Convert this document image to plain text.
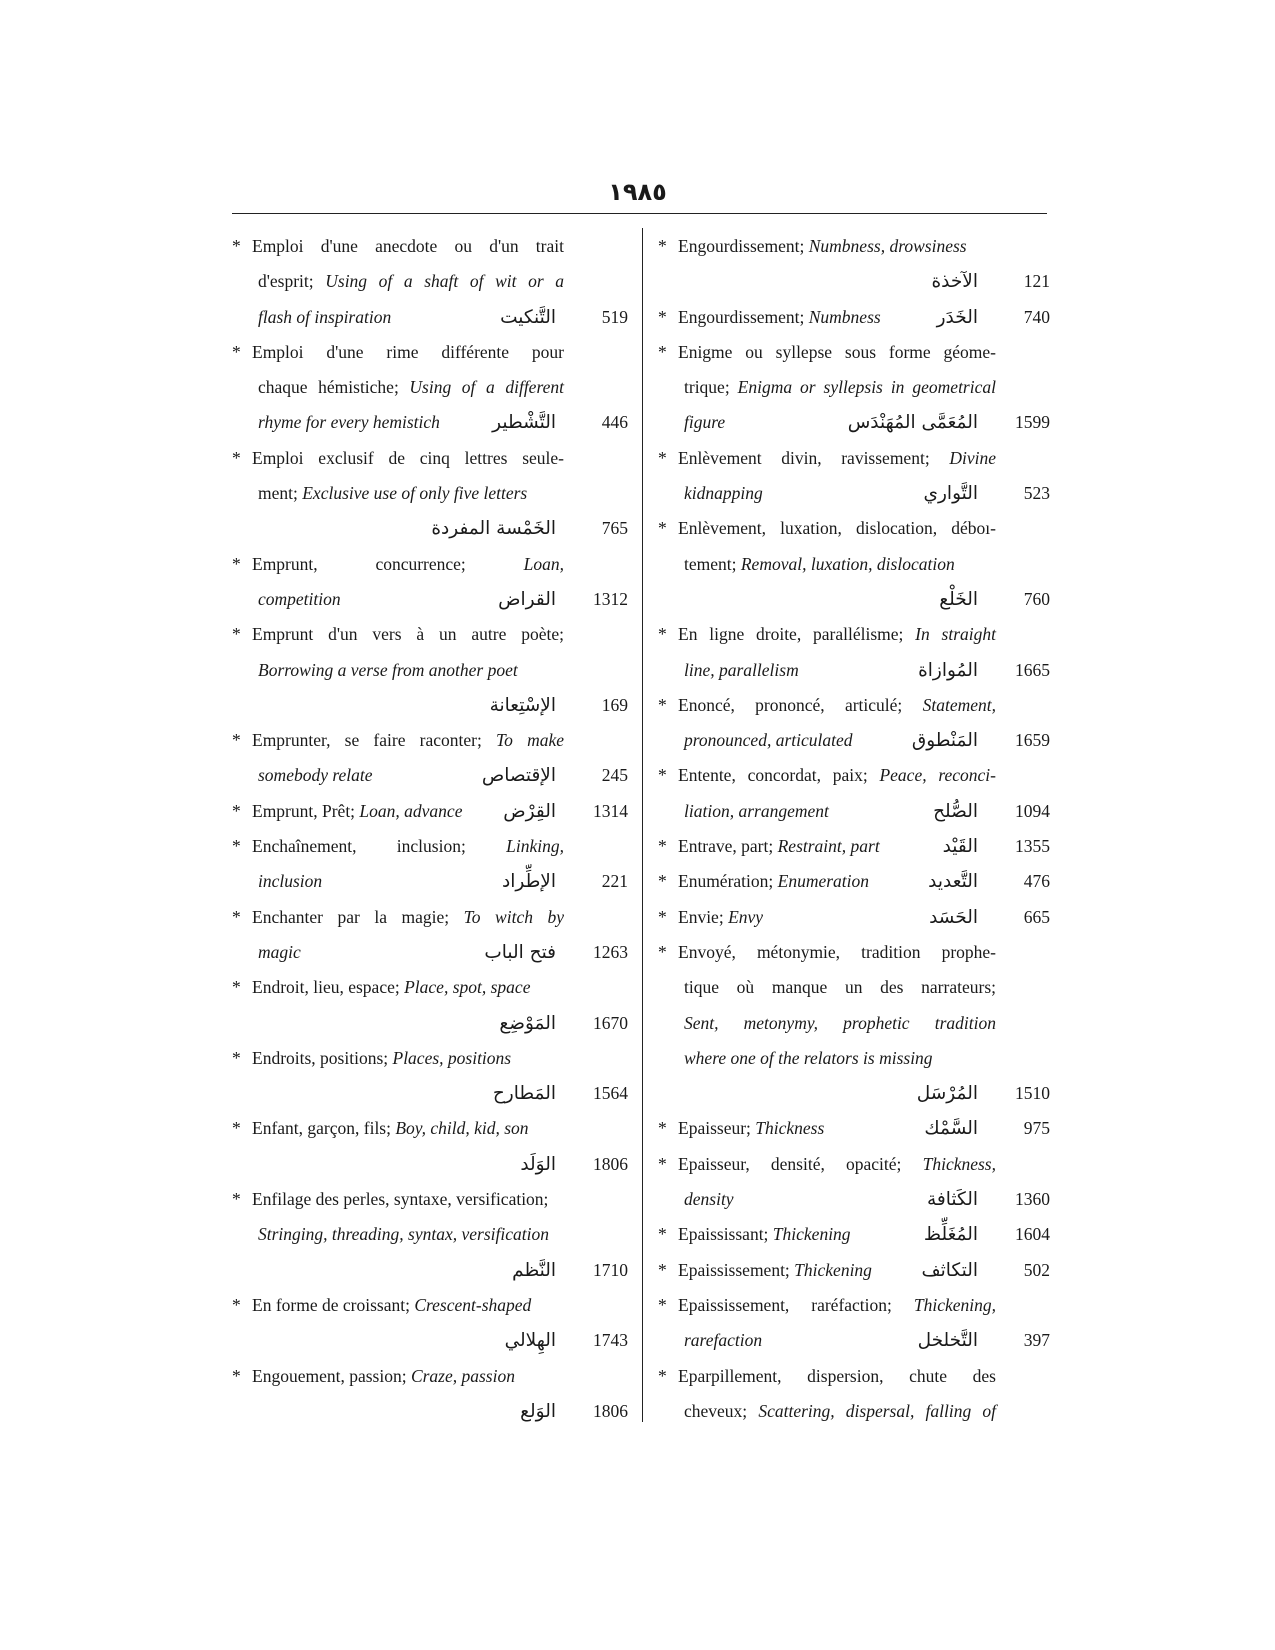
١٩٨٥
* Emploi d'une anecdote ou d'un trait
d'esprit; Using of a shaft of wit or a
flash of inspiration	التَّنكيت	519
* Emploi d'une rime différente pour
chaque hémistiche; Using of a different
rhyme for every hemistich	التَّشْطير	446
* Emploi exclusif de cinq lettres seule-
ment; Exclusive use of only five letters
الخَمْسة المفردة	765
* Emprunt, concurrence; Loan,
competition	القراض	1312
* Emprunt d'un vers à un autre poète;
Borrowing a verse from another poet
الإسْتِعانة	169
* Emprunter, se faire raconter; To make
somebody relate	الإقتصاص	245
* Emprunt, Prêt; Loan, advance القِرْض	1314
* Enchaînement, inclusion; Linking,
inclusion	الإطِّراد	221
* Enchanter par la magie; To witch by
magic	فتح الباب	1263
* Endroit, lieu, espace; Place, spot, space
المَوْضِع	1670
* Endroits, positions; Places, positions
المَطارح	1564
* Enfant, garçon, fils; Boy, child, kid, son
الوَلَد	1806
* Enfilage des perles, syntaxe, versification;
Stringing, threading, syntax, versification
النَّظم	1710
* En forme de croissant; Crescent-shaped
الهِلالي	1743
* Engouement, passion; Craze, passion
الوَلع	1806
* Engourdissement; Numbness, drowsiness
الآخذة	121
* Engourdissement; Numbness	الخَدَر	740
* Enigme ou syllepse sous forme géome-
trique; Enigma or syllepsis in geometrical
figure	المُعَمَّى المُهَنْدَس	1599
* Enlèvement divin, ravissement; Divine
kidnapping	التَّواري	523
* Enlèvement, luxation, dislocation, déboı-
tement; Removal, luxation, dislocation
الخَلْع	760
* En ligne droite, parallélisme; In straight
line, parallelism	المُوازاة	1665
* Enoncé, prononcé, articulé; Statement,
pronounced, articulated	المَنْطوق	1659
* Entente, concordat, paix; Peace, reconci-
liation, arrangement	الصُّلح	1094
* Entrave, part; Restraint, part	القَيْد	1355
* Enumération; Enumeration	التَّعديد	476
* Envie; Envy	الحَسَد	665
* Envoyé, métonymie, tradition prophe-
tique où manque un des narrateurs;
Sent, metonymy, prophetic tradition
where one of the relators is missing
المُرْسَل	1510
* Epaisseur; Thickness	السَّمْك	975
* Epaisseur, densité, opacité; Thickness,
density	الكَثافة	1360
* Epaississant; Thickening	المُغَلِّظ	1604
* Epaississement; Thickening	التكاثف	502
* Epaississement, raréfaction; Thickening,
rarefaction	التَّخلخل	397
* Eparpillement, dispersion, chute des
cheveux; Scattering, dispersal, falling of
